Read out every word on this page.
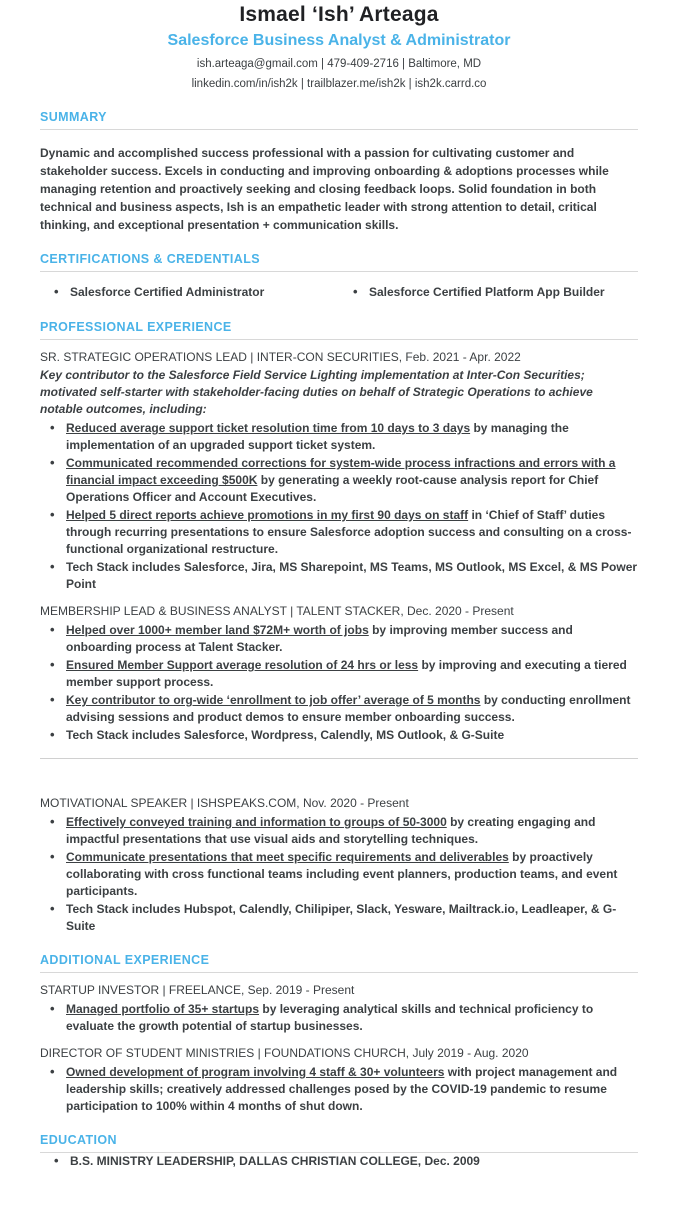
Ismael ‘Ish’ Arteaga
Salesforce Business Analyst & Administrator
ish.arteaga@gmail.com | 479-409-2716 | Baltimore, MD
linkedin.com/in/ish2k | trailblazer.me/ish2k | ish2k.carrd.co
SUMMARY
Dynamic and accomplished success professional with a passion for cultivating customer and stakeholder success. Excels in conducting and improving onboarding & adoptions processes while managing retention and proactively seeking and closing feedback loops. Solid foundation in both technical and business aspects, Ish is an empathetic leader with strong attention to detail, critical thinking, and exceptional presentation + communication skills.
CERTIFICATIONS & CREDENTIALS
• Salesforce Certified Administrator	• Salesforce Certified Platform App Builder
PROFESSIONAL EXPERIENCE
SR. STRATEGIC OPERATIONS LEAD | INTER-CON SECURITIES, Feb. 2021 - Apr. 2022
Key contributor to the Salesforce Field Service Lighting implementation at Inter-Con Securities; motivated self-starter with stakeholder-facing duties on behalf of Strategic Operations to achieve notable outcomes, including:
• Reduced average support ticket resolution time from 10 days to 3 days by managing the implementation of an upgraded support ticket system.
• Communicated recommended corrections for system-wide process infractions and errors with a financial impact exceeding $500K by generating a weekly root-cause analysis report for Chief Operations Officer and Account Executives.
• Helped 5 direct reports achieve promotions in my first 90 days on staff in ‘Chief of Staff’ duties through recurring presentations to ensure Salesforce adoption success and consulting on a cross-functional organizational restructure.
• Tech Stack includes Salesforce, Jira, MS Sharepoint, MS Teams, MS Outlook, MS Excel, & MS Power Point
MEMBERSHIP LEAD & BUSINESS ANALYST | TALENT STACKER, Dec. 2020 - Present
• Helped over 1000+ member land $72M+ worth of jobs by improving member success and onboarding process at Talent Stacker.
• Ensured Member Support average resolution of 24 hrs or less by improving and executing a tiered member support process.
• Key contributor to org-wide ‘enrollment to job offer’ average of 5 months by conducting enrollment advising sessions and product demos to ensure member onboarding success.
• Tech Stack includes Salesforce, Wordpress, Calendly, MS Outlook, & G-Suite
MOTIVATIONAL SPEAKER | ISHSPEAKS.COM, Nov. 2020 - Present
• Effectively conveyed training and information to groups of 50-3000 by creating engaging and impactful presentations that use visual aids and storytelling techniques.
• Communicate presentations that meet specific requirements and deliverables by proactively collaborating with cross functional teams including event planners, production teams, and event participants.
• Tech Stack includes Hubspot, Calendly, Chilipiper, Slack, Yesware, Mailtrack.io, Leadleaper, & G-Suite
ADDITIONAL EXPERIENCE
STARTUP INVESTOR | FREELANCE, Sep. 2019 - Present
• Managed portfolio of 35+ startups by leveraging analytical skills and technical proficiency to evaluate the growth potential of startup businesses.
DIRECTOR OF STUDENT MINISTRIES | FOUNDATIONS CHURCH, July 2019 - Aug. 2020
• Owned development of program involving 4 staff & 30+ volunteers with project management and leadership skills; creatively addressed challenges posed by the COVID-19 pandemic to resume participation to 100% within 4 months of shut down.
EDUCATION
• B.S. MINISTRY LEADERSHIP, DALLAS CHRISTIAN COLLEGE, Dec. 2009
